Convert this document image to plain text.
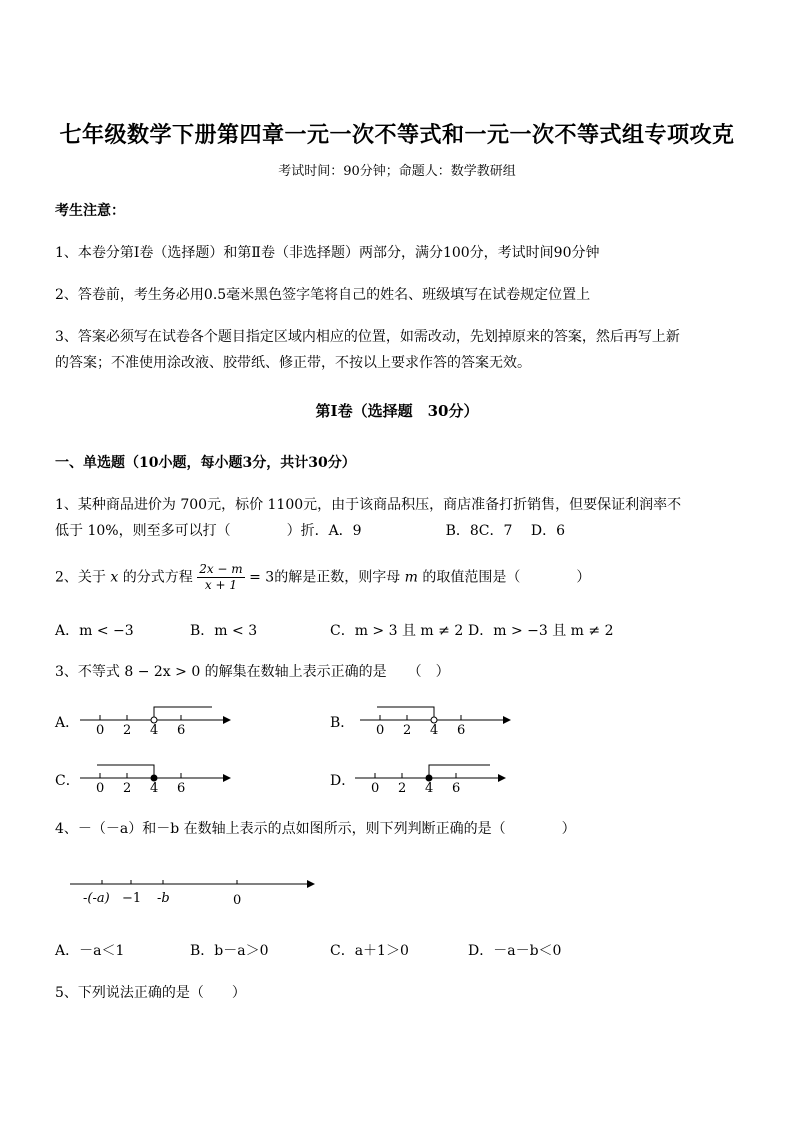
七年级数学下册第四章一元一次不等式和一元一次不等式组专项攻克
考试时间：90分钟；命题人：数学教研组
考生注意：
1、本卷分第Ⅰ卷（选择题）和第Ⅱ卷（非选择题）两部分，满分100分，考试时间90分钟
2、答卷前，考生务必用0.5毫米黑色签字笔将自己的姓名、班级填写在试卷规定位置上
3、答案必须写在试卷各个题目指定区域内相应的位置，如需改动，先划掉原来的答案，然后再写上新
的答案；不准使用涂改液、胶带纸、修正带，不按以上要求作答的答案无效。
第Ⅰ卷（选择题　30分）
一、单选题（10小题，每小题3分，共计30分）
1、某种商品进价为 700元，标价 1100元，由于该商品积压，商店准备打折销售，但要保证利润率不
低于 10%，则至多可以打（　　　　）折．A．9　　　　　　B．8C．7　 D．6
2、关于 x 的分式方程 $\frac{2x - m}{x + 1} = 3$的解是正数，则字母 m 的取值范围是（　　　　）
A．m < −3	B．m < 3	C．m > 3 且 m ≠ 2 D．m > −3 且 m ≠ 2
3、不等式 8 − 2x > 0 的解集在数轴上表示正确的是　　（　）
A． 0 2 4 6	B． 0 2 4 6
C． 0 2 4 6	D． 0 2 4 6
4、－（－a）和－b 在数轴上表示的点如图所示，则下列判断正确的是（　　　　）
-(-a) −1 -b	0
A．－a＜1	B．b－a＞0	C．a＋1＞0	D．－a－b＜0
5、下列说法正确的是（　　）
